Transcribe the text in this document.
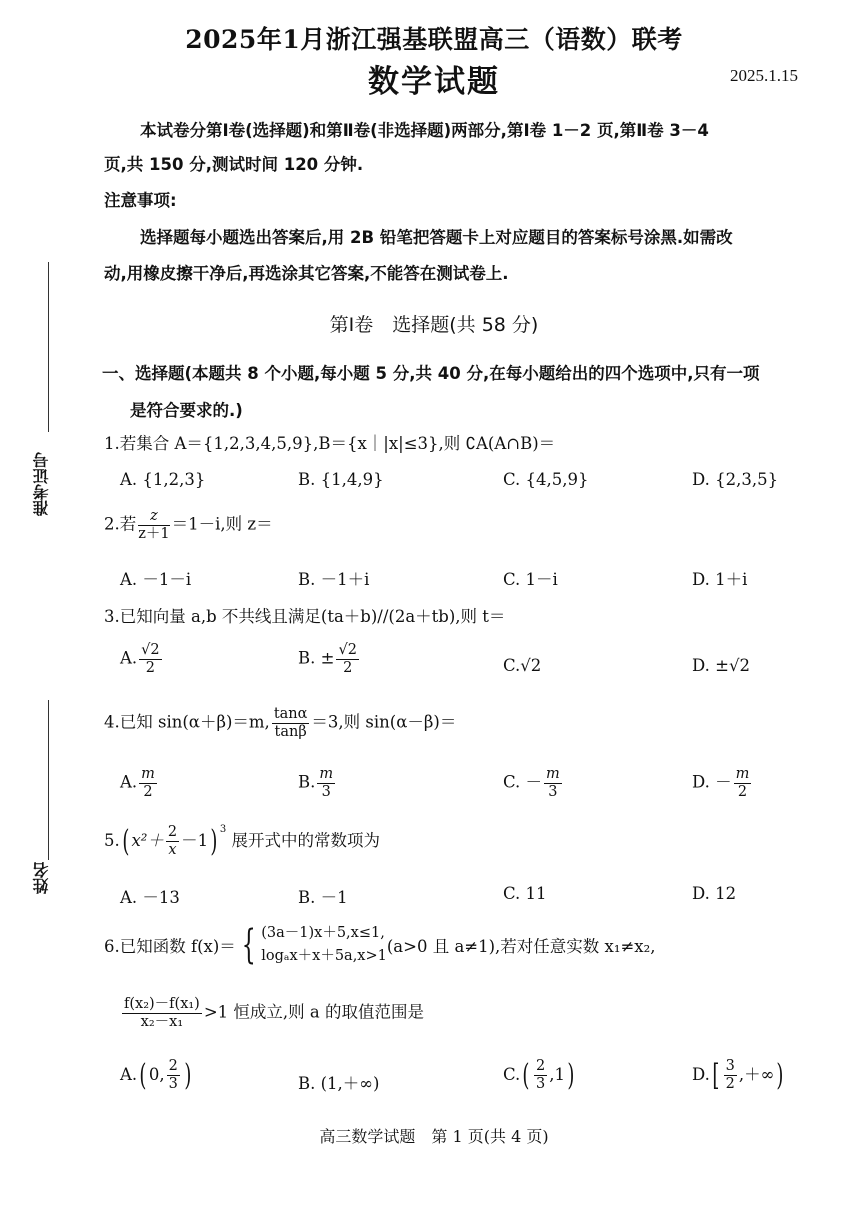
2025年1月浙江强基联盟高三（语数）联考
数学试题	2025.1.15
本试卷分第Ⅰ卷(选择题)和第Ⅱ卷(非选择题)两部分,第Ⅰ卷 1－2 页,第Ⅱ卷 3－4
页,共 150 分,测试时间 120 分钟.
注意事项:
选择题每小题选出答案后,用 2B 铅笔把答题卡上对应题目的答案标号涂黑.如需改
动,用橡皮擦干净后,再选涂其它答案,不能答在测试卷上.
第Ⅰ卷　选择题(共 58 分)
一、选择题(本题共 8 个小题,每小题 5 分,共 40 分,在每小题给出的四个选项中,只有一项
是符合要求的.)
准考证号
姓名
1.若集合 A＝{1,2,3,4,5,9},B＝{x｜|x|≤3},则 ∁A(A∩B)＝
A. {1,2,3}	B. {1,4,9}	C. {4,5,9}	D. {2,3,5}
2.若 $\frac{z}{z+1} =1-i$,则 z＝
A. －1－i	B. －1＋i	C. 1－i	D. 1＋i
3.已知向量 a,b 不共线且满足(ta＋b)//(2a＋tb),则 t＝
A. $\frac{√2}{2}$	B. ± $\frac{√2}{2}$	C.√2	D. ±√2
4.已知 sin(α＋β)＝m, $\frac{\tan\alpha}{\tan\beta} =3$,则 sin(α－β)＝
A. $\frac{m}{2}$	B. $\frac{m}{3}$	C. － $\frac{m}{3}$	D. － $\frac{m}{2}$
5.( $x^2+ \frac{2}{x} -1$) $^3$ 展开式中的常数项为
A. －13	B. －1	C. 11	D. 12
6.已知函数 f(x)＝ { (3a－1)x＋5,x≤1,
logₐx＋x＋5a,x>1 (a>0 且 a≠1),若对任意实数 x₁≠x₂,
$\frac{\text{f(x₂)－f(x₁)}}{\text{x₂－x₁}} >1$ 恒成立,则 a 的取值范围是
A.( 0, $\frac{2}{3}$ )	B. (1,＋∞)	$C.( \frac{2}{3} ,1)$	$D.[ \frac{3}{2}$ ,＋∞)
高三数学试题　第 1 页(共 4 页)
